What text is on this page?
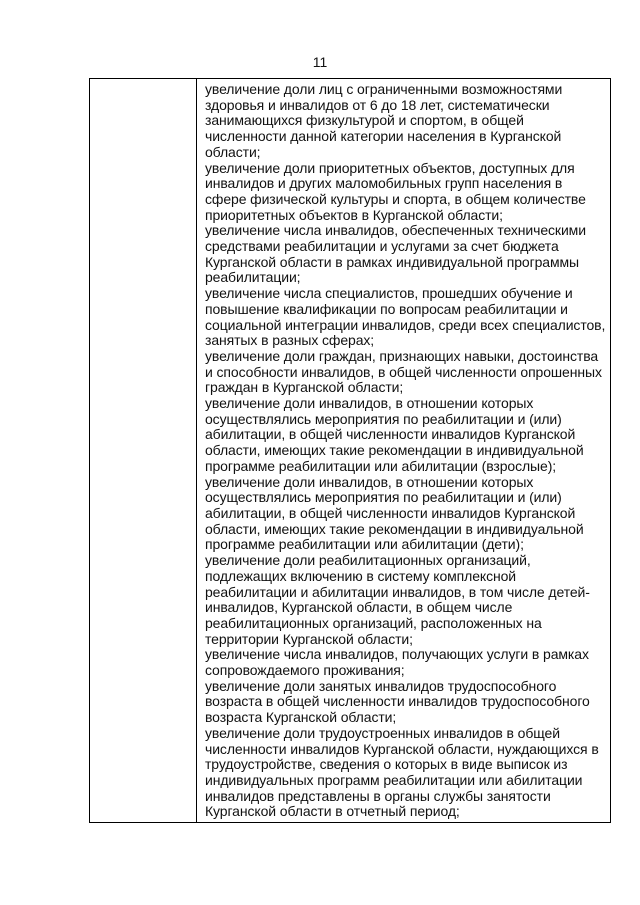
11

увеличение доли лиц с ограниченными возможностями здоровья и инвалидов от 6 до 18 лет, систематически занимающихся физкультурой и спортом, в общей численности данной категории населения в Курганской области;

увеличение доли приоритетных объектов, доступных для инвалидов и других маломобильных групп населения в сфере физической культуры и спорта, в общем количестве приоритетных объектов в Курганской области;

увеличение числа инвалидов, обеспеченных техническими средствами реабилитации и услугами за счет бюджета Курганской области в рамках индивидуальной программы реабилитации;

увеличение числа специалистов, прошедших обучение и повышение квалификации по вопросам реабилитации и социальной интеграции инвалидов, среди всех специалистов, занятых в разных сферах;

увеличение доли граждан, признающих навыки, достоинства и способности инвалидов, в общей численности опрошенных граждан в Курганской области;

увеличение доли инвалидов, в отношении которых осуществлялись мероприятия по реабилитации и (или) абилитации, в общей численности инвалидов Курганской области, имеющих такие рекомендации в индивидуальной программе реабилитации или абилитации (взрослые);

увеличение доли инвалидов, в отношении которых осуществлялись мероприятия по реабилитации и (или) абилитации, в общей численности инвалидов Курганской области, имеющих такие рекомендации в индивидуальной программе реабилитации или абилитации (дети);

увеличение доли реабилитационных организаций, подлежащих включению в систему комплексной реабилитации и абилитации инвалидов, в том числе детей-инвалидов, Курганской области, в общем числе реабилитационных организаций, расположенных на территории Курганской области;

увеличение числа инвалидов, получающих услуги в рамках сопровождаемого проживания;

увеличение доли занятых инвалидов трудоспособного возраста в общей численности инвалидов трудоспособного возраста Курганской области;

увеличение доли трудоустроенных инвалидов в общей численности инвалидов Курганской области, нуждающихся в трудоустройстве, сведения о которых в виде выписок из индивидуальных программ реабилитации или абилитации инвалидов представлены в органы службы занятости Курганской области в отчетный период;
